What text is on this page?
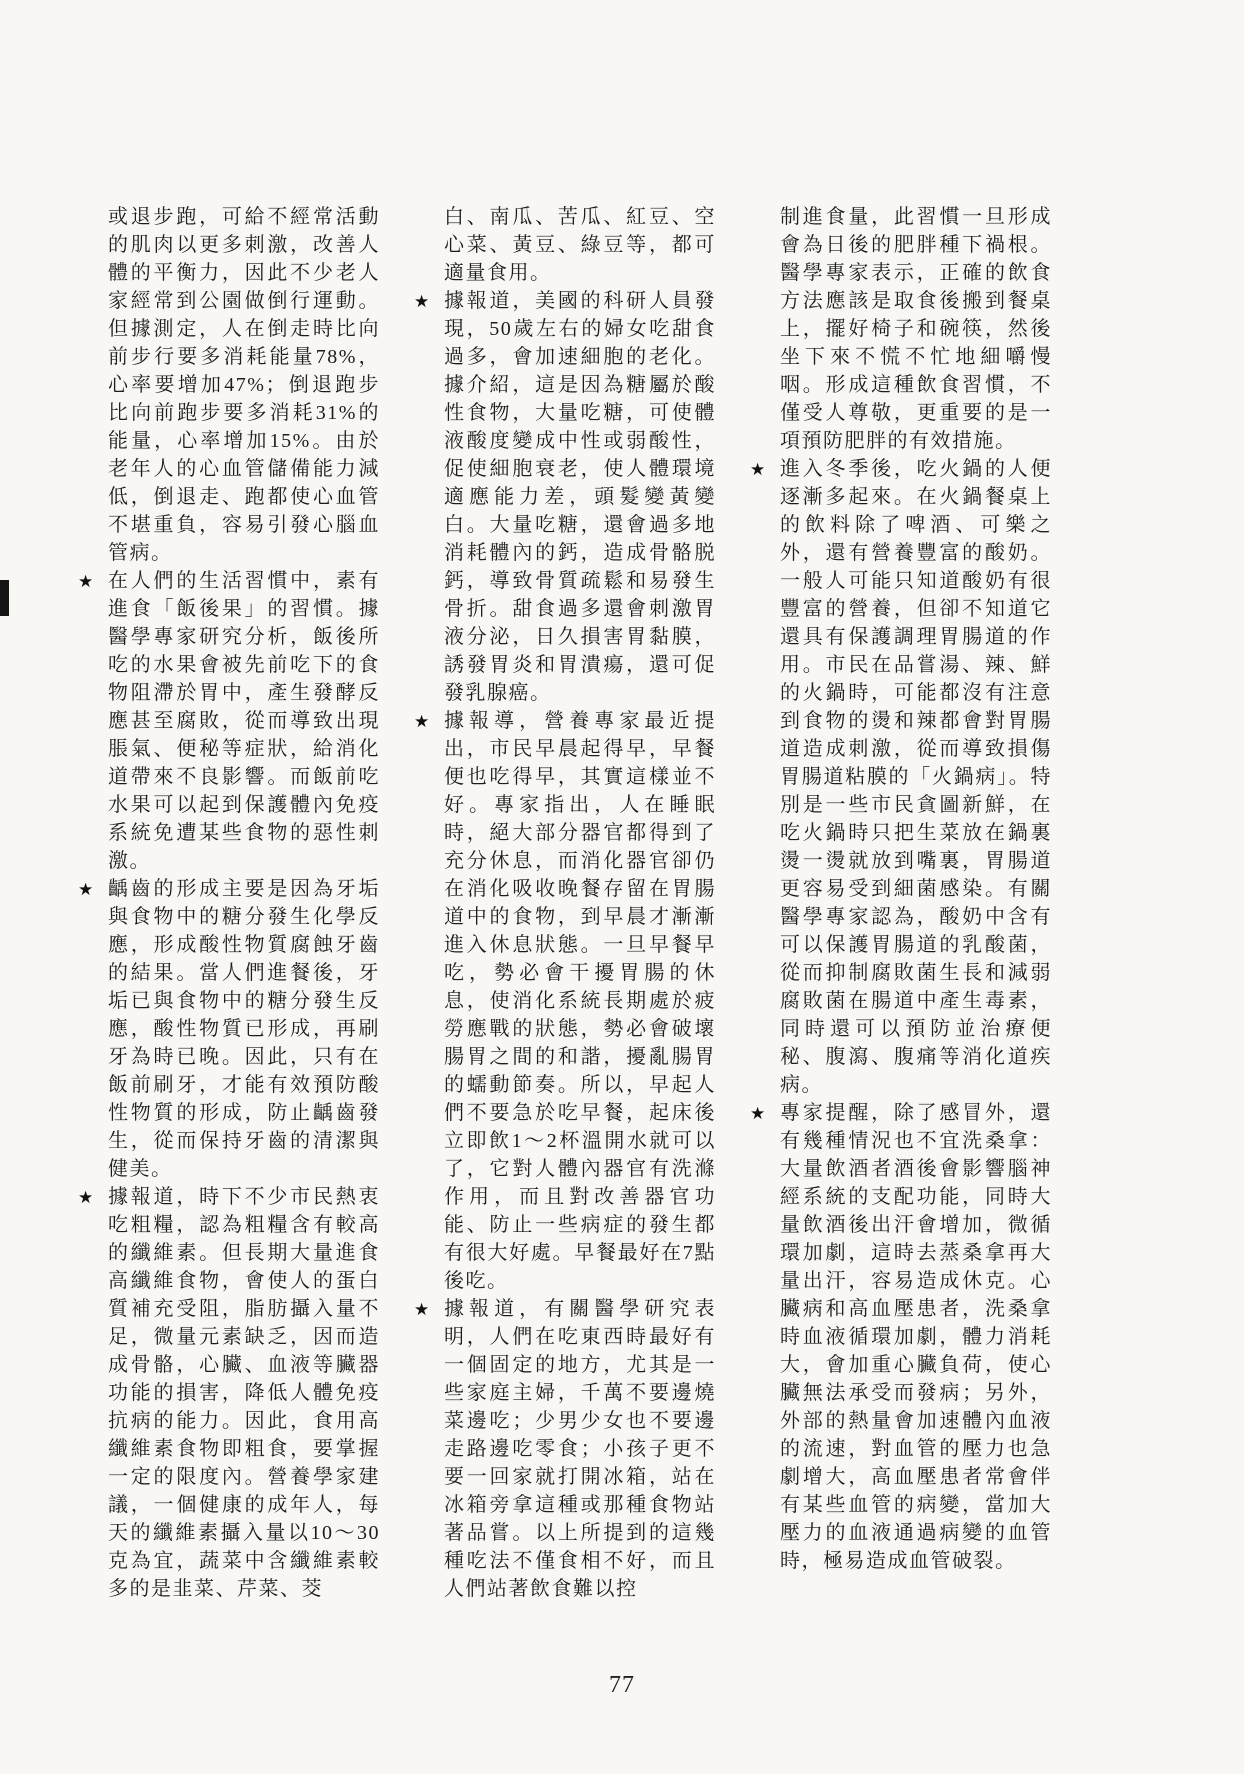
或退步跑，可給不經常活動的肌肉以更多刺激，改善人體的平衡力，因此不少老人家經常到公園做倒行運動。但據測定，人在倒走時比向前步行要多消耗能量78%，心率要增加47%；倒退跑步比向前跑步要多消耗31%的能量，心率增加15%。由於老年人的心血管儲備能力減低，倒退走、跑都使心血管不堪重負，容易引發心腦血管病。

★ 在人們的生活習慣中，素有進食「飯後果」的習慣。據醫學專家研究分析，飯後所吃的水果會被先前吃下的食物阻滯於胃中，產生發酵反應甚至腐敗，從而導致出現脹氣、便秘等症狀，給消化道帶來不良影響。而飯前吃水果可以起到保護體內免疫系統免遭某些食物的惡性刺激。

★ 齲齒的形成主要是因為牙垢與食物中的糖分發生化學反應，形成酸性物質腐蝕牙齒的結果。當人們進餐後，牙垢已與食物中的糖分發生反應，酸性物質已形成，再刷牙為時已晚。因此，只有在飯前刷牙，才能有效預防酸性物質的形成，防止齲齒發生，從而保持牙齒的清潔與健美。

★ 據報道，時下不少市民熱衷吃粗糧，認為粗糧含有較高的纖維素。但長期大量進食高纖維食物，會使人的蛋白質補充受阻，脂肪攝入量不足，微量元素缺乏，因而造成骨骼，心臟、血液等臟器功能的損害，降低人體免疫抗病的能力。因此，食用高纖維素食物即粗食，要掌握一定的限度內。營養學家建議，一個健康的成年人，每天的纖維素攝入量以10～30克為宜，蔬菜中含纖維素較多的是韭菜、芹菜、茭

白、南瓜、苦瓜、紅豆、空心菜、黃豆、綠豆等，都可適量食用。

★ 據報道，美國的科研人員發現，50歲左右的婦女吃甜食過多，會加速細胞的老化。據介紹，這是因為糖屬於酸性食物，大量吃糖，可使體液酸度變成中性或弱酸性，促使細胞衰老，使人體環境適應能力差，頭髮變黃變白。大量吃糖，還會過多地消耗體內的鈣，造成骨骼脱鈣，導致骨質疏鬆和易發生骨折。甜食過多還會刺激胃液分泌，日久損害胃黏膜，誘發胃炎和胃潰瘍，還可促發乳腺癌。

★ 據報導，營養專家最近提出，市民早晨起得早，早餐便也吃得早，其實這樣並不好。專家指出，人在睡眠時，絕大部分器官都得到了充分休息，而消化器官卻仍在消化吸收晚餐存留在胃腸道中的食物，到早晨才漸漸進入休息狀態。一旦早餐早吃，勢必會干擾胃腸的休息，使消化系統長期處於疲勞應戰的狀態，勢必會破壞腸胃之間的和諧，擾亂腸胃的蠕動節奏。所以，早起人們不要急於吃早餐，起床後立即飲1～2杯溫開水就可以了，它對人體內器官有洗滌作用，而且對改善器官功能、防止一些病症的發生都有很大好處。早餐最好在7點後吃。

★ 據報道，有關醫學研究表明，人們在吃東西時最好有一個固定的地方，尤其是一些家庭主婦，千萬不要邊燒菜邊吃；少男少女也不要邊走路邊吃零食；小孩子更不要一回家就打開冰箱，站在冰箱旁拿這種或那種食物站著品嘗。以上所提到的這幾種吃法不僅食相不好，而且人們站著飲食難以控

制進食量，此習慣一旦形成會為日後的肥胖種下禍根。醫學專家表示，正確的飲食方法應該是取食後搬到餐桌上，擺好椅子和碗筷，然後坐下來不慌不忙地細嚼慢咽。形成這種飲食習慣，不僅受人尊敬，更重要的是一項預防肥胖的有效措施。

★ 進入冬季後，吃火鍋的人便逐漸多起來。在火鍋餐桌上的飲料除了啤酒、可樂之外，還有營養豐富的酸奶。一般人可能只知道酸奶有很豐富的營養，但卻不知道它還具有保護調理胃腸道的作用。市民在品嘗湯、辣、鮮的火鍋時，可能都沒有注意到食物的燙和辣都會對胃腸道造成刺激，從而導致損傷胃腸道粘膜的「火鍋病」。特別是一些市民貪圖新鮮，在吃火鍋時只把生菜放在鍋裏燙一燙就放到嘴裏，胃腸道更容易受到細菌感染。有關醫學專家認為，酸奶中含有可以保護胃腸道的乳酸菌，從而抑制腐敗菌生長和減弱腐敗菌在腸道中產生毒素，同時還可以預防並治療便秘、腹瀉、腹痛等消化道疾病。

★ 專家提醒，除了感冒外，還有幾種情況也不宜洗桑拿：大量飲酒者酒後會影響腦神經系統的支配功能，同時大量飲酒後出汗會增加，微循環加劇，這時去蒸桑拿再大量出汗，容易造成休克。心臟病和高血壓患者，洗桑拿時血液循環加劇，體力消耗大，會加重心臟負荷，使心臟無法承受而發病；另外，外部的熱量會加速體內血液的流速，對血管的壓力也急劇增大，高血壓患者常會伴有某些血管的病變，當加大壓力的血液通過病變的血管時，極易造成血管破裂。

77
